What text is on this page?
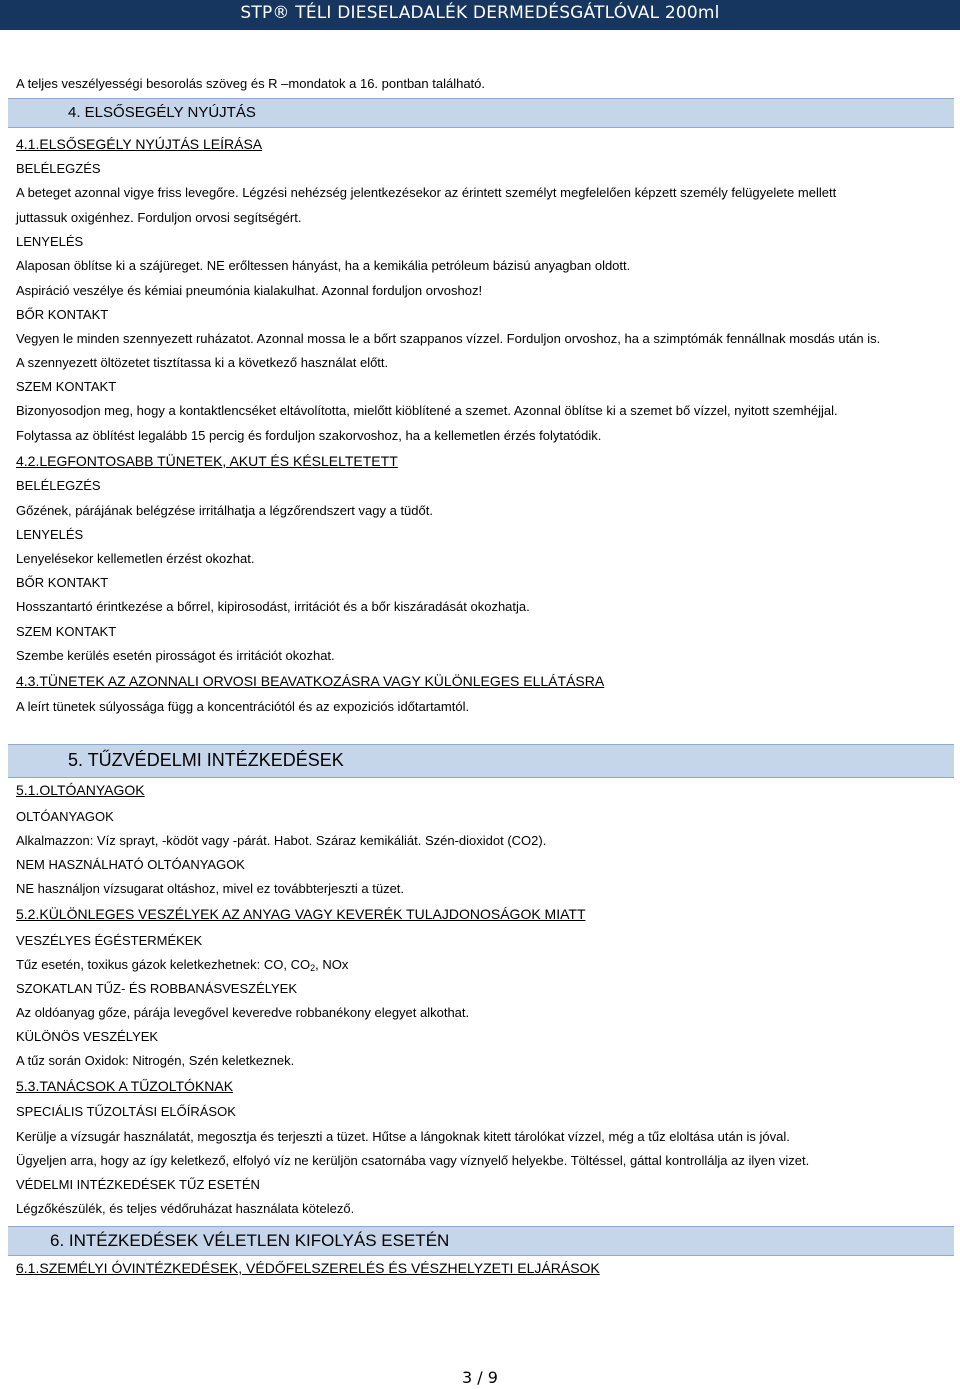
STP® TÉLI DIESELADALÉK DERMEDÉSGÁTLÓVAL 200ml
A teljes veszélyességi besorolás szöveg és R –mondatok a 16. pontban található.
4. ELSŐSEGÉLY NYÚJTÁS
4.1.ELSŐSEGÉLY NYÚJTÁS LEÍRÁSA
BELÉLEGZÉS
A beteget azonnal vigye friss levegőre. Légzési nehézség jelentkezésekor az érintett személyt megfelelően képzett személy felügyelete mellett
juttassuk oxigénhez. Forduljon orvosi segítségért.
LENYELÉS
Alaposan öblítse ki a szájüreget. NE erőltessen hányást, ha a kemikália petróleum bázisú anyagban oldott.
Aspiráció veszélye és kémiai pneumónia kialakulhat. Azonnal forduljon orvoshoz!
BŐR KONTAKT
Vegyen le minden szennyezett ruházatot. Azonnal mossa le a bőrt szappanos vízzel. Forduljon orvoshoz, ha a szimptómák fennállnak mosdás után is.
A szennyezett öltözetet tisztítassa ki a következő használat előtt.
SZEM KONTAKT
Bizonyosodjon meg, hogy a kontaktlencséket eltávolította, mielőtt kiöblítené a szemet. Azonnal öblítse ki a szemet bő vízzel, nyitott szemhéjjal.
Folytassa az öblítést legalább 15 percig és forduljon szakorvoshoz, ha a kellemetlen érzés folytatódik.
4.2.LEGFONTOSABB TÜNETEK, AKUT ÉS KÉSLELTETETT
BELÉLEGZÉS
Gőzének, párájának belégzése irritálhatja a légzőrendszert vagy a tüdőt.
LENYELÉS
Lenyelésekor kellemetlen érzést okozhat.
BŐR KONTAKT
Hosszantartó érintkezése a bőrrel, kipirosodást, irritációt és a bőr kiszáradását okozhatja.
SZEM KONTAKT
Szembe kerülés esetén pirosságot és irritációt okozhat.
4.3.TÜNETEK AZ AZONNALI ORVOSI BEAVATKOZÁSRA VAGY KÜLÖNLEGES ELLÁTÁSRA
A leírt tünetek súlyossága függ a koncentrációtól és az expoziciós időtartamtól.
5. TŰZVÉDELMI INTÉZKEDÉSEK
5.1.OLTÓANYAGOK
OLTÓANYAGOK
Alkalmazzon: Víz sprayt, -ködöt vagy -párát. Habot. Száraz kemikáliát. Szén-dioxidot (CO2).
NEM HASZNÁLHATÓ OLTÓANYAGOK
NE használjon vízsugarat oltáshoz, mivel ez továbbterjeszti a tüzet.
5.2.KÜLÖNLEGES VESZÉLYEK AZ ANYAG VAGY KEVERÉK TULAJDONOSÁGOK MIATT
VESZÉLYES ÉGÉSTERMÉKEK
Tűz esetén, toxikus gázok keletkezhetnek: CO, $CO_2$, NOx
SZOKATLAN TŰZ- ÉS ROBBANÁSVESZÉLYEK
Az oldóanyag gőze, párája levegővel keveredve robbanékony elegyet alkothat.
KÜLÖNÖS VESZÉLYEK
A tűz során Oxidok: Nitrogén, Szén keletkeznek.
5.3.TANÁCSOK A TŰZOLTÓKNAK
SPECIÁLIS TŰZOLTÁSI ELŐÍRÁSOK
Kerülje a vízsugár használatát, megosztja és terjeszti a tüzet. Hűtse a lángoknak kitett tárolókat vízzel, még a tűz eloltása után is jóval.
Ügyeljen arra, hogy az így keletkező, elfolyó víz ne kerüljön csatornába vagy víznyelő helyekbe. Töltéssel, gáttal kontrollálja az ilyen vizet.
VÉDELMI INTÉZKEDÉSEK TŰZ ESETÉN
Légzőkészülék, és teljes védőruházat használata kötelező.
6. INTÉZKEDÉSEK VÉLETLEN KIFOLYÁS ESETÉN
6.1.SZEMÉLYI ÓVINTÉZKEDÉSEK, VÉDŐFELSZERELÉS ÉS VÉSZHELYZETI ELJÁRÁSOK
3 / 9
